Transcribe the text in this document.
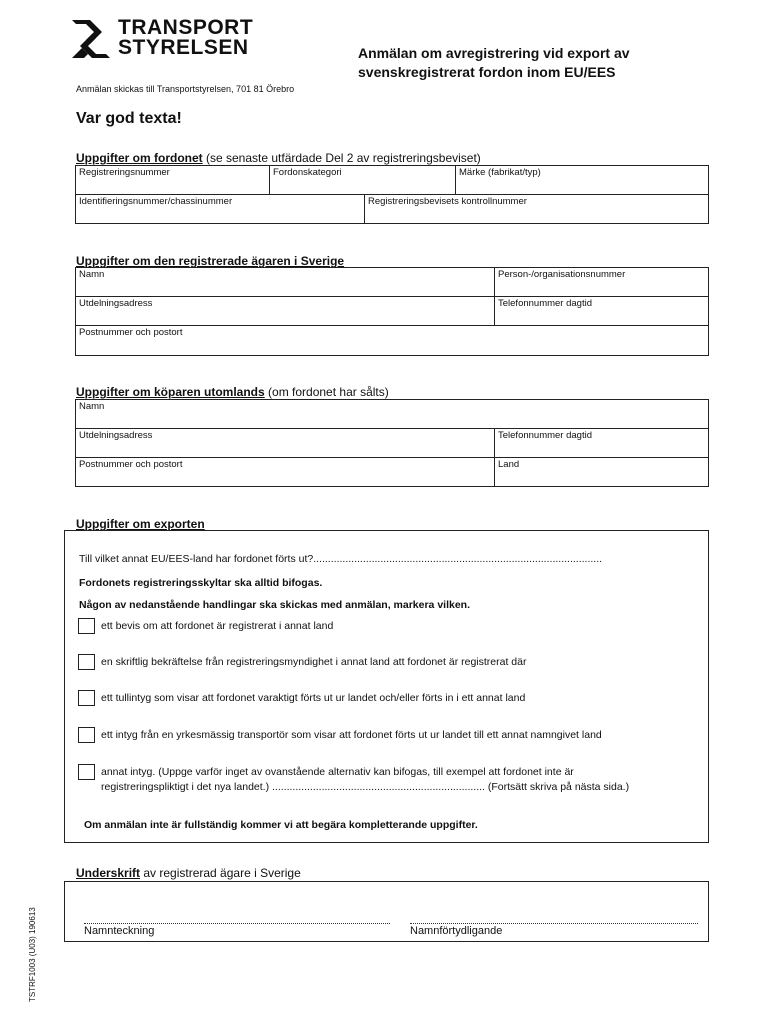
TRANSPORT
STYRELSEN	Anmälan om avregistrering vid export av
svenskregistrerat fordon inom EU/EES
Anmälan skickas till Transportstyrelsen, 701 81 Örebro
Var god texta!
Uppgifter om fordonet (se senaste utfärdade Del 2 av registreringsbeviset)
Registreringsnummer	Fordonskategori	Märke (fabrikat/typ)
Identifieringsnummer/chassinummer	Registreringsbevisets kontrollnummer
Uppgifter om den registrerade ägaren i Sverige
Namn	Person-/organisationsnummer
Utdelningsadress	Telefonnummer dagtid
Postnummer och postort
Uppgifter om köparen utomlands (om fordonet har sålts)
Namn
Utdelningsadress	Telefonnummer dagtid
Postnummer och postort	Land
Uppgifter om exporten
Till vilket annat EU/EES-land har fordonet förts ut?...................................................................................................
Fordonets registreringsskyltar ska alltid bifogas.
Någon av nedanstående handlingar ska skickas med anmälan, markera vilken.
ett bevis om att fordonet är registrerat i annat land
en skriftlig bekräftelse från registreringsmyndighet i annat land att fordonet är registrerat där
ett tullintyg som visar att fordonet varaktigt förts ut ur landet och/eller förts in i ett annat land
ett intyg från en yrkesmässig transportör som visar att fordonet förts ut ur landet till ett annat namngivet land
annat intyg. (Uppge varför inget av ovanstående alternativ kan bifogas, till exempel att fordonet inte är
registreringspliktigt i det nya landet.) ......................................................................... (Fortsätt skriva på nästa sida.)
Om anmälan inte är fullständig kommer vi att begära kompletterande uppgifter.
Underskrift av registrerad ägare i Sverige
Namnteckning	Namnförtydligande
TSTRF1003 (U03) 190613
